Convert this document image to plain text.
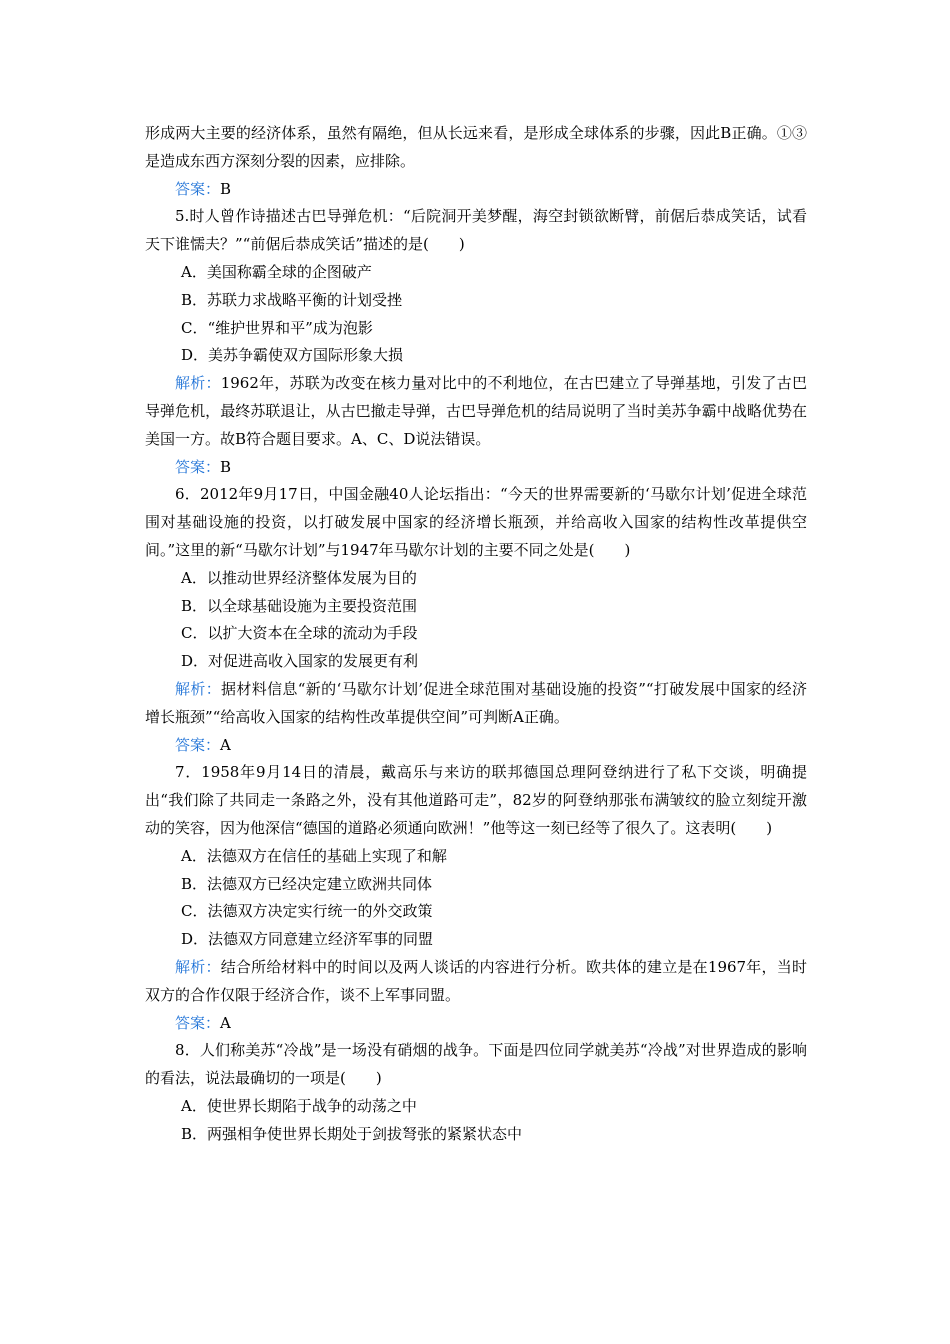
形成两大主要的经济体系，虽然有隔绝，但从长远来看，是形成全球体系的步骤，因此B正确。①③是造成东西方深刻分裂的因素，应排除。

答案：B

5.时人曾作诗描述古巴导弹危机：“后院洞开美梦醒，海空封锁欲断臂，前倨后恭成笑话，试看天下谁懦夫？”“前倨后恭成笑话”描述的是(　　)

A．美国称霸全球的企图破产

B．苏联力求战略平衡的计划受挫

C．“维护世界和平”成为泡影

D．美苏争霸使双方国际形象大损

解析：1962年，苏联为改变在核力量对比中的不利地位，在古巴建立了导弹基地，引发了古巴导弹危机，最终苏联退让，从古巴撤走导弹，古巴导弹危机的结局说明了当时美苏争霸中战略优势在美国一方。故B符合题目要求。A、C、D说法错误。

答案：B

6．2012年9月17日，中国金融40人论坛指出：“今天的世界需要新的‘马歇尔计划’促进全球范围对基础设施的投资，以打破发展中国家的经济增长瓶颈，并给高收入国家的结构性改革提供空间。”这里的新“马歇尔计划”与1947年马歇尔计划的主要不同之处是(　　)

A．以推动世界经济整体发展为目的

B．以全球基础设施为主要投资范围

C．以扩大资本在全球的流动为手段

D．对促进高收入国家的发展更有利

解析：据材料信息“新的‘马歇尔计划’促进全球范围对基础设施的投资”“打破发展中国家的经济增长瓶颈”“给高收入国家的结构性改革提供空间”可判断A正确。

答案：A

7．1958年9月14日的清晨，戴高乐与来访的联邦德国总理阿登纳进行了私下交谈，明确提出“我们除了共同走一条路之外，没有其他道路可走”，82岁的阿登纳那张布满皱纹的脸立刻绽开激动的笑容，因为他深信“德国的道路必须通向欧洲！”他等这一刻已经等了很久了。这表明(　　)

A．法德双方在信任的基础上实现了和解

B．法德双方已经决定建立欧洲共同体

C．法德双方决定实行统一的外交政策

D．法德双方同意建立经济军事的同盟

解析：结合所给材料中的时间以及两人谈话的内容进行分析。欧共体的建立是在1967年，当时双方的合作仅限于经济合作，谈不上军事同盟。

答案：A

8．人们称美苏“冷战”是一场没有硝烟的战争。下面是四位同学就美苏“冷战”对世界造成的影响的看法，说法最确切的一项是(　　)

A．使世界长期陷于战争的动荡之中

B．两强相争使世界长期处于剑拔弩张的紧紧状态中
